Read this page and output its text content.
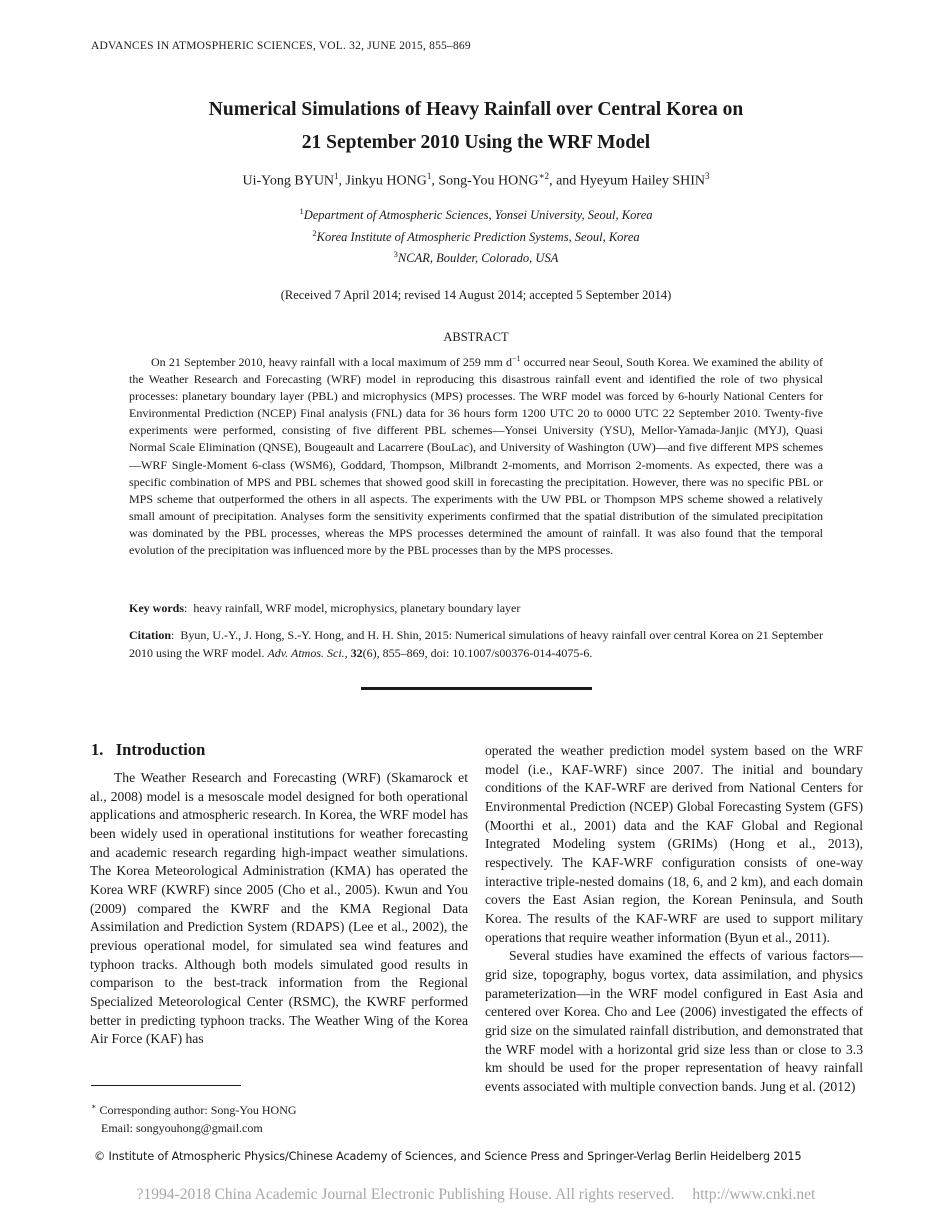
ADVANCES IN ATMOSPHERIC SCIENCES, VOL. 32, JUNE 2015, 855–869
Numerical Simulations of Heavy Rainfall over Central Korea on
21 September 2010 Using the WRF Model
Ui-Yong BYUN$^1$, Jinkyu HONG$^1$, Song-You $HONG^{∗2}$, and Hyeyum Hailey SHIN$^3$
$^1$Department of Atmospheric Sciences, Yonsei University, Seoul, Korea
$^2$Korea Institute of Atmospheric Prediction Systems, Seoul, Korea
$^3$NCAR, Boulder, Colorado, USA
(Received 7 April 2014; revised 14 August 2014; accepted 5 September 2014)
ABSTRACT
On 21 September 2010, heavy rainfall with a local maximum of 259 mm $d^{-1}$ occurred near Seoul, South Korea. We examined the ability of the Weather Research and Forecasting (WRF) model in reproducing this disastrous rainfall event and identified the role of two physical processes: planetary boundary layer (PBL) and microphysics (MPS) processes. The WRF model was forced by 6-hourly National Centers for Environmental Prediction (NCEP) Final analysis (FNL) data for 36 hours form 1200 UTC 20 to 0000 UTC 22 September 2010. Twenty-five experiments were performed, consisting of five different PBL schemes—Yonsei University (YSU), Mellor-Yamada-Janjic (MYJ), Quasi Normal Scale Elimination (QNSE), Bougeault and Lacarrere (BouLac), and University of Washington (UW)—and five different MPS schemes—WRF Single-Moment 6-class (WSM6), Goddard, Thompson, Milbrandt 2-moments, and Morrison 2-moments. As expected, there was a specific combination of MPS and PBL schemes that showed good skill in forecasting the precipitation. However, there was no specific PBL or MPS scheme that outperformed the others in all aspects. The experiments with the UW PBL or Thompson MPS scheme showed a relatively small amount of precipitation. Analyses form the sensitivity experiments confirmed that the spatial distribution of the simulated precipitation was dominated by the PBL processes, whereas the MPS processes determined the amount of rainfall. It was also found that the temporal evolution of the precipitation was influenced more by the PBL processes than by the MPS processes.
Key words:  heavy rainfall, WRF model, microphysics, planetary boundary layer
Citation:  Byun, U.-Y., J. Hong, S.-Y. Hong, and H. H. Shin, 2015: Numerical simulations of heavy rainfall over central Korea on 21 September 2010 using the WRF model. Adv. Atmos. Sci., 32(6), 855–869, doi: 10.1007/s00376-014-4075-6.
1.   Introduction

The Weather Research and Forecasting (WRF) (Skamarock et al., 2008) model is a mesoscale model designed for both operational applications and atmospheric research. In Korea, the WRF model has been widely used in operational institutions for weather forecasting and academic research regarding high-impact weather simulations. The Korea Meteorological Administration (KMA) has operated the Korea WRF (KWRF) since 2005 (Cho et al., 2005). Kwun and You (2009) compared the KWRF and the KMA Regional Data Assimilation and Prediction System (RDAPS) (Lee et al., 2002), the previous operational model, for simulated sea wind features and typhoon tracks. Although both models simulated good results in comparison to the best-track information from the Regional Specialized Meteorological Center (RSMC), the KWRF performed better in predicting typhoon tracks. The Weather Wing of the Korea Air Force (KAF) has

operated the weather prediction model system based on the WRF model (i.e., KAF-WRF) since 2007. The initial and boundary conditions of the KAF-WRF are derived from National Centers for Environmental Prediction (NCEP) Global Forecasting System (GFS) (Moorthi et al., 2001) data and the KAF Global and Regional Integrated Modeling system (GRIMs) (Hong et al., 2013), respectively. The KAF-WRF configuration consists of one-way interactive triple-nested domains (18, 6, and 2 km), and each domain covers the East Asian region, the Korean Peninsula, and South Korea. The results of the KAF-WRF are used to support military operations that require weather information (Byun et al., 2011).

Several studies have examined the effects of various factors—grid size, topography, bogus vortex, data assimilation, and physics parameterization—in the WRF model configured in East Asia and centered over Korea. Cho and Lee (2006) investigated the effects of grid size on the simulated rainfall distribution, and demonstrated that the WRF model with a horizontal grid size less than or close to 3.3 km should be used for the proper representation of heavy rainfall events associated with multiple convection bands. Jung et al. (2012)

∗ Corresponding author: Song-You HONG
Email: songyouhong@gmail.com
© Institute of Atmospheric Physics/Chinese Academy of Sciences, and Science Press and Springer-Verlag Berlin Heidelberg 2015
?1994-2018 China Academic Journal Electronic Publishing House. All rights reserved. http://www.cnki.net
